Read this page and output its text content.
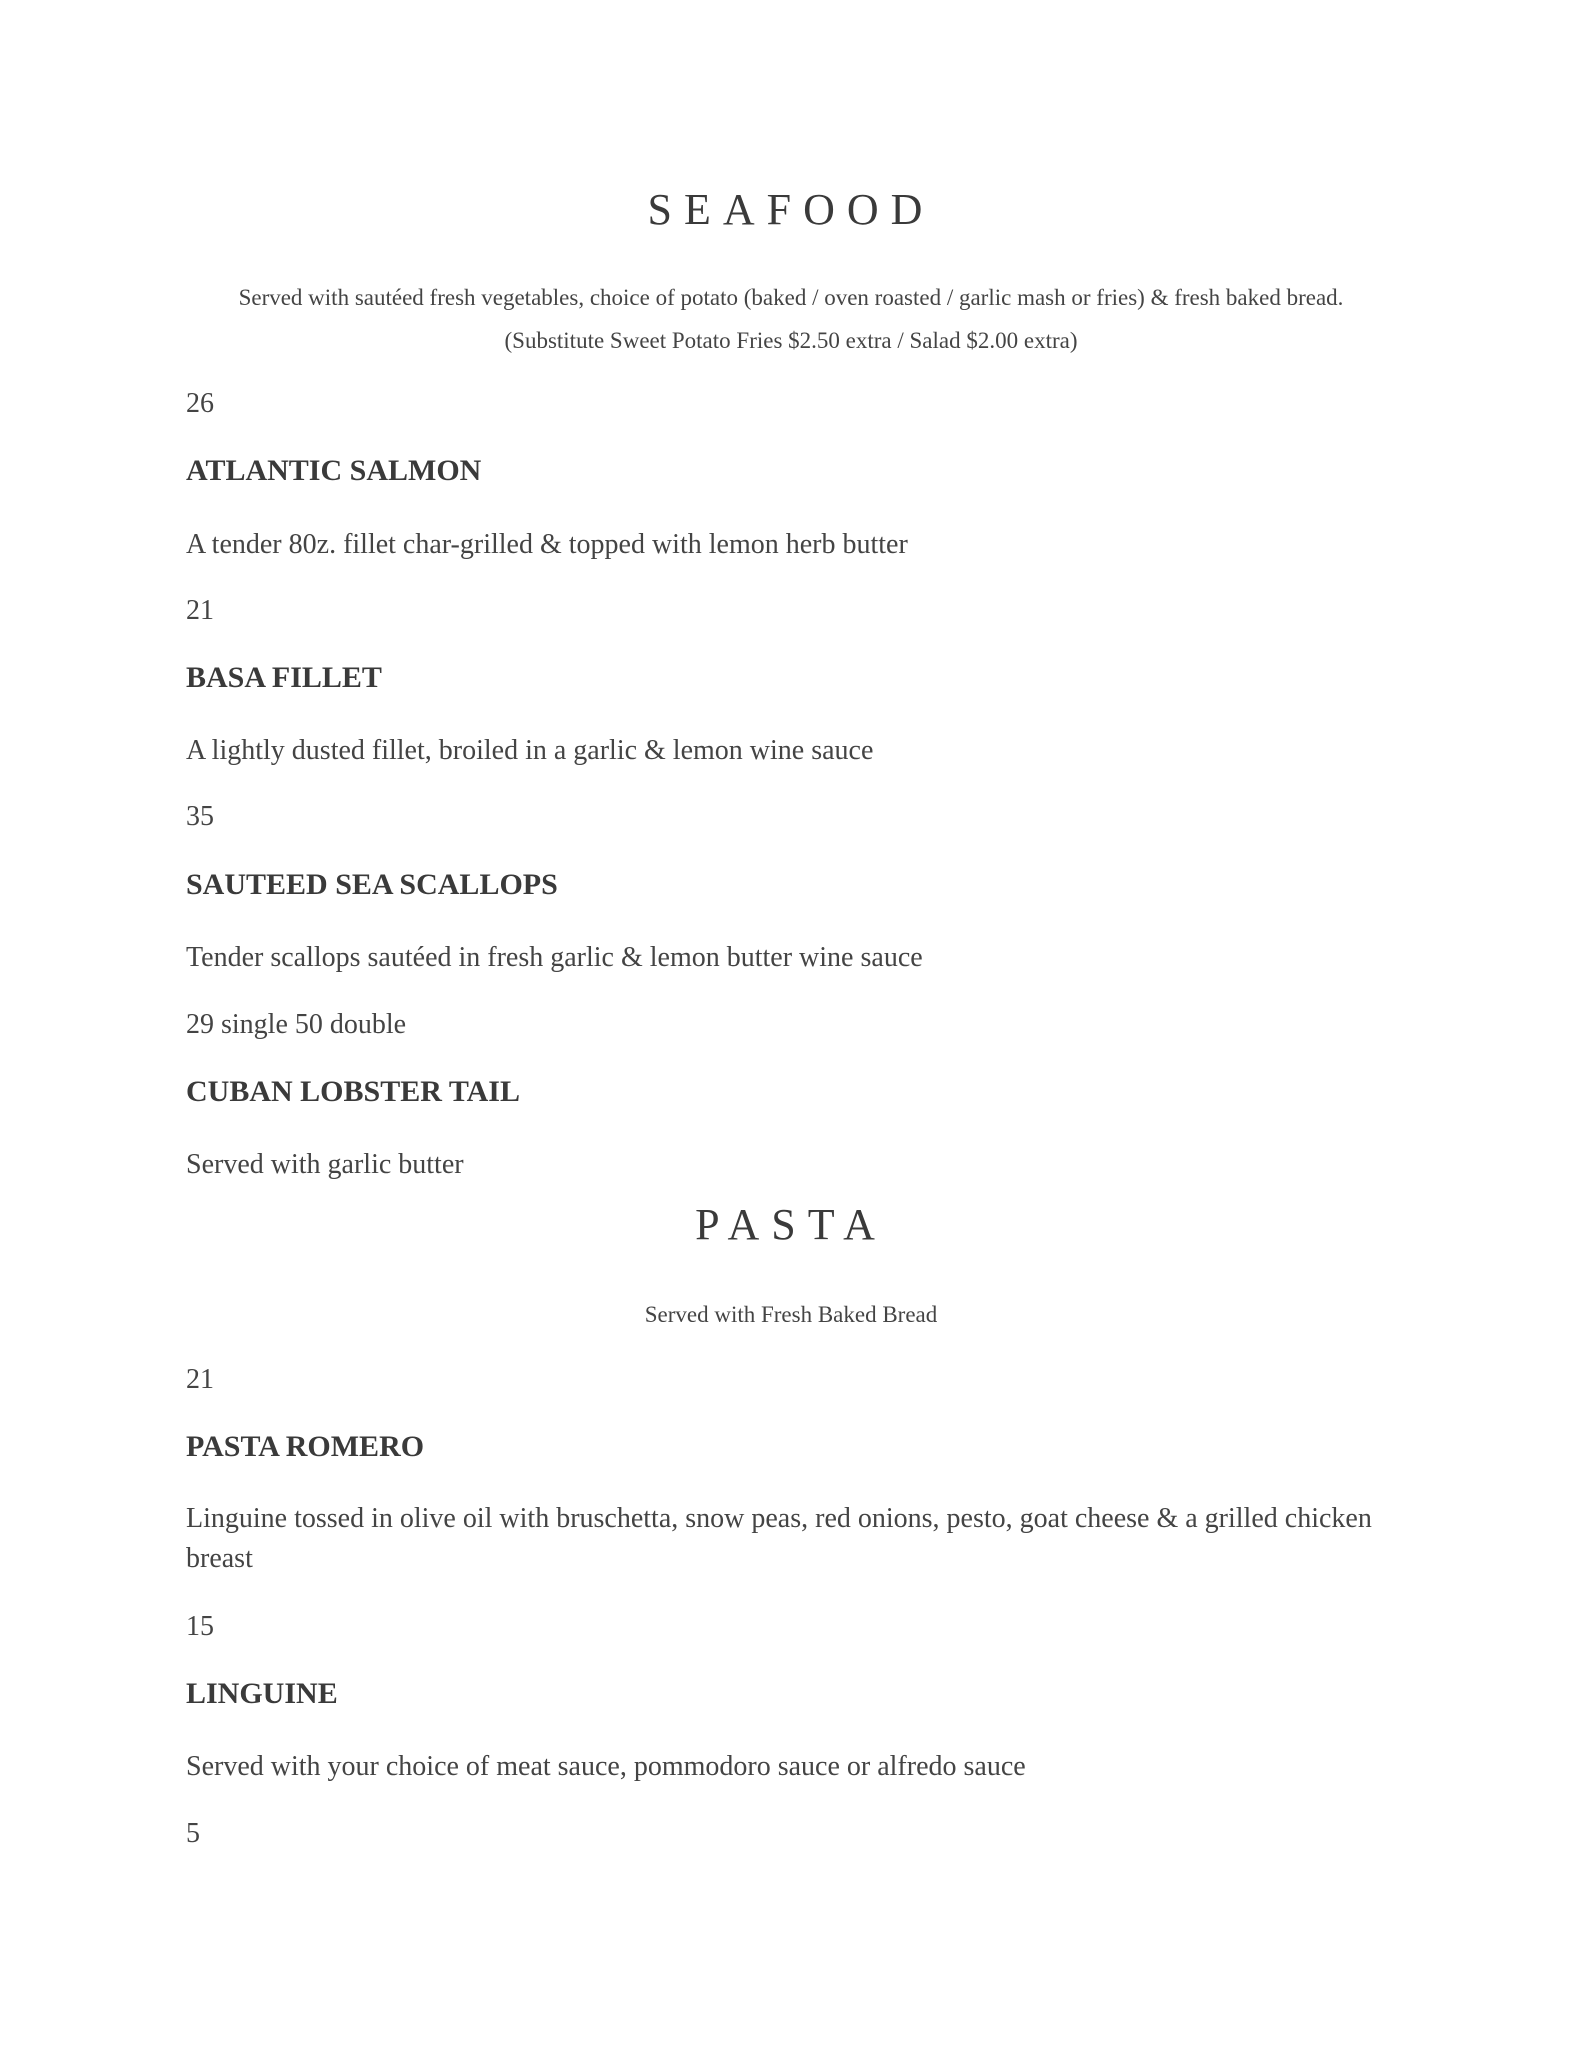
SEAFOOD

Served with sautéed fresh vegetables, choice of potato (baked / oven roasted / garlic mash or fries) & fresh baked bread. (Substitute Sweet Potato Fries $2.50 extra / Salad $2.00 extra)

26
ATLANTIC SALMON
A tender 80z. fillet char-grilled & topped with lemon herb butter
21
BASA FILLET
A lightly dusted fillet, broiled in a garlic & lemon wine sauce
35
SAUTEED SEA SCALLOPS
Tender scallops sautéed in fresh garlic & lemon butter wine sauce
29 single 50 double
CUBAN LOBSTER TAIL
Served with garlic butter
PASTA

Served with Fresh Baked Bread

21
PASTA ROMERO
Linguine tossed in olive oil with bruschetta, snow peas, red onions, pesto, goat cheese & a grilled chicken breast
15
LINGUINE
Served with your choice of meat sauce, pommodoro sauce or alfredo sauce
5
